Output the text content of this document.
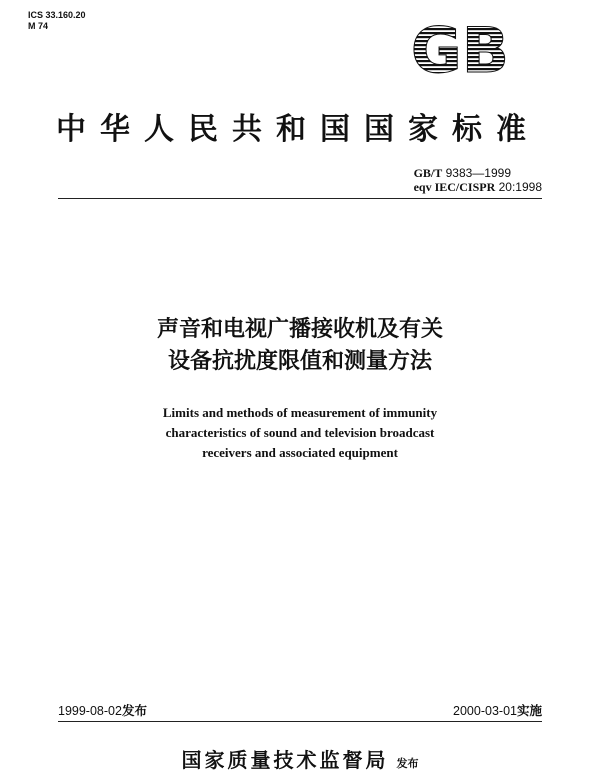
ICS 33.160.20
M 74	GB
中华人民共和国国家标准
GB/T 9383—1999
eqv IEC/CISPR 20:1998
声音和电视广播接收机及有关
设备抗扰度限值和测量方法
Limits and methods of measurement of immunity
characteristics of sound and television broadcast
receivers and associated equipment
1999-08-02发布	2000-03-01实施
国家质量技术监督局 发布
